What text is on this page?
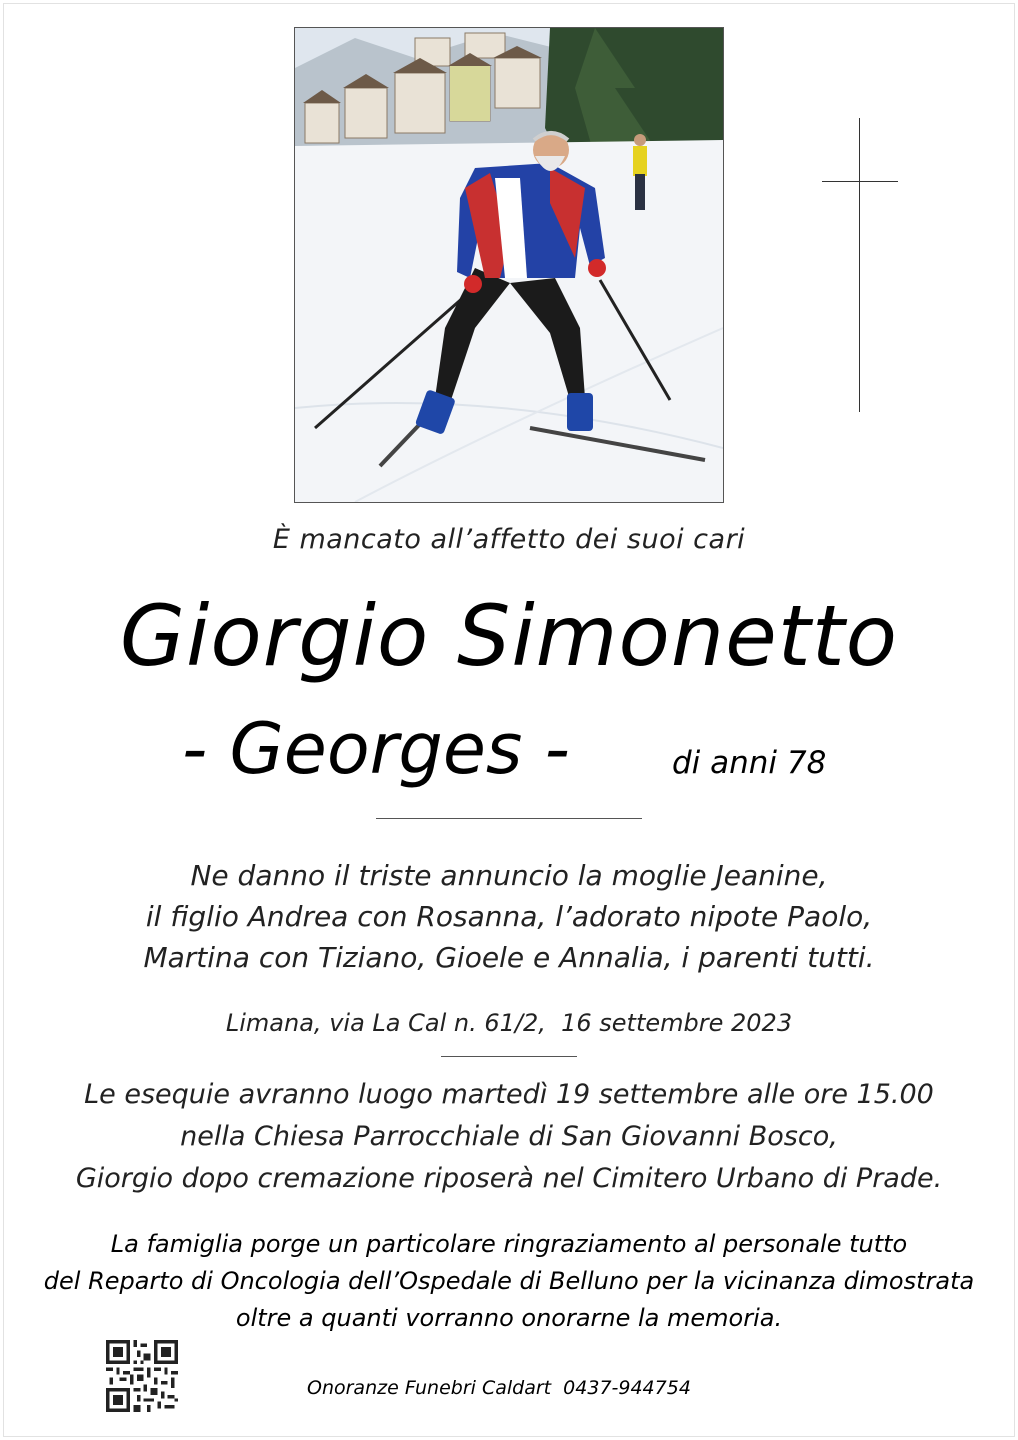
È mancato all’affetto dei suoi cari
Giorgio Simonetto
- Georges -	di anni 78
Ne danno il triste annuncio la moglie Jeanine,
il figlio Andrea con Rosanna, l’adorato nipote Paolo,
Martina con Tiziano, Gioele e Annalia, i parenti tutti.
Limana, via La Cal n. 61/2,  16 settembre 2023
Le esequie avranno luogo martedì 19 settembre alle ore 15.00
nella Chiesa Parrocchiale di San Giovanni Bosco,
Giorgio dopo cremazione riposerà nel Cimitero Urbano di Prade.
La famiglia porge un particolare ringraziamento al personale tutto
del Reparto di Oncologia dell’Ospedale di Belluno per la vicinanza dimostrata
oltre a quanti vorranno onorarne la memoria.
Onoranze Funebri Caldart  0437-944754
